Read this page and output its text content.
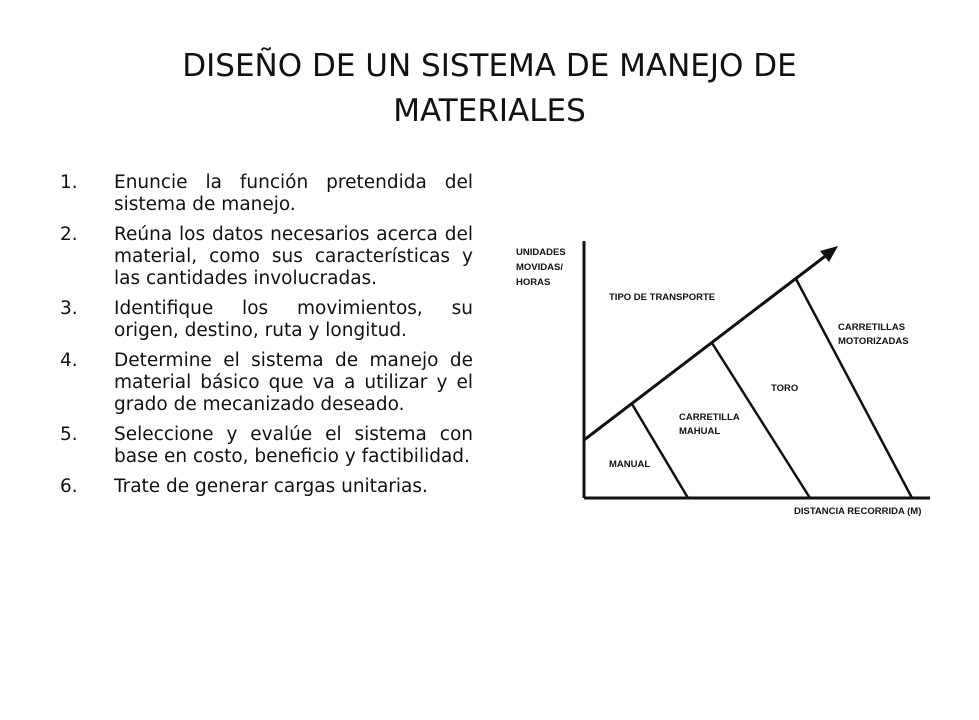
DISEÑO DE UN SISTEMA DE MANEJO DE
MATERIALES
1. Enuncie la función pretendida del sistema de manejo.
2. Reúna los datos necesarios acerca del material, como sus características y las cantidades involucradas.
3. Identifique los movimientos, su origen, destino, ruta y longitud.
4. Determine el sistema de manejo de material básico que va a utilizar y el grado de mecanizado deseado.
5. Seleccione y evalúe el sistema con base en costo, beneficio y factibilidad.
6. Trate de generar cargas unitarias.
UNIDADES
MOVIDAS/
HORAS
TIPO DE TRANSPORTE
CARRETILLAS
MOTORIZADAS
TORO
CARRETILLA
MAHUAL
MANUAL
DISTANCIA RECORRIDA (M)
